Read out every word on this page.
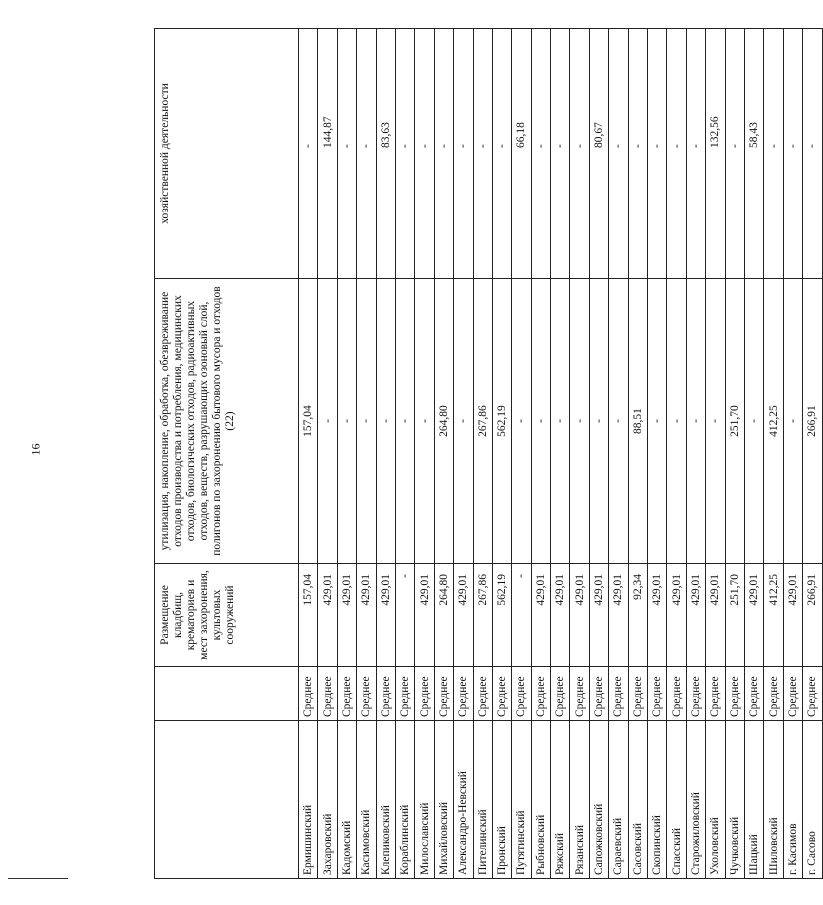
16
		Размещение кладбищ, крематориев и мест захоронения, культовых сооружений	утилизация, накопление, обработка, обезвреживание отходов производства и потребления, медицинских отходов, биологических отходов, радиоактивных отходов, веществ, разрушающих озоновый слой, полигонов по захоронению бытового мусора и отходов (22)	хозяйственной деятельности
Ермишинский	Среднее	157,04	157,04	-
Захаровский	Среднее	429,01	-	144,87
Кадомский	Среднее	429,01	-	-
Касимовский	Среднее	429,01	-	-
Клепиковский	Среднее	429,01	-	83,63
Кораблинский	Среднее	-	-	-
Милославский	Среднее	429,01	-	-
Михайловский	Среднее	264,80	264,80	-
Александро-Невский	Среднее	429,01	-	-
Пителинский	Среднее	267,86	267,86	-
Пронский	Среднее	562,19	562,19	-
Путятинский	Среднее	-	-	66,18
Рыбновский	Среднее	429,01	-	-
Ряжский	Среднее	429,01	-	-
Рязанский	Среднее	429,01	-	-
Сапожковский	Среднее	429,01	-	80,67
Сараевский	Среднее	429,01	-	-
Сасовский	Среднее	92,34	88,51	-
Скопинский	Среднее	429,01	-	-
Спасский	Среднее	429,01	-	-
Старожиловский	Среднее	429,01	-	-
Ухоловский	Среднее	429,01	-	132,56
Чучковский	Среднее	251,70	251,70	-
Шацкий	Среднее	429,01	-	58,43
Шиловский	Среднее	412,25	412,25	-
г. Касимов	Среднее	429,01	-	-
г. Сасово	Среднее	266,91	266,91	-
